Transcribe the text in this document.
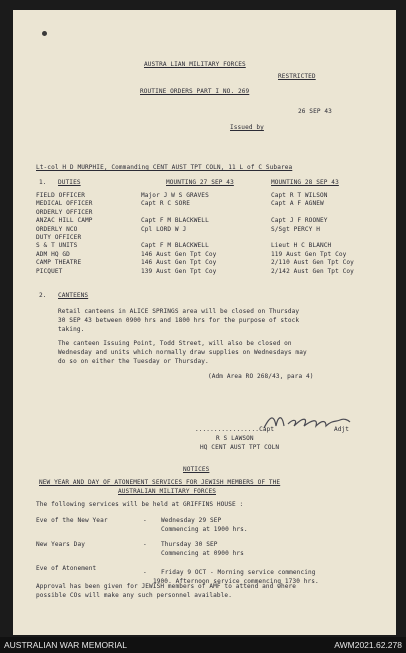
AUSTRA LIAN MILITARY FORCES
RESTRICTED
ROUTINE ORDERS PART I NO. 269
26 SEP 43
Issued by
Lt-col H D MURPHIE, Commanding CENT AUST TPT COLN, 11 L of C Subarea
1. DUTIES	MOUNTING 27 SEP 43	MOUNTING 28 SEP 43
FIELD OFFICER	Major J W S GRAVES	Capt R T WILSON
MEDICAL OFFICER	Capt R C SORE	Capt A F AGNEW
ORDERLY OFFICER
ANZAC HILL CAMP	Capt F M BLACKWELL	Capt J F ROONEY
ORDERLY NCO	Cpl LORD W J	S/Sgt PERCY H
DUTY OFFICER
S & T UNITS	Capt F M BLACKWELL	Lieut H C BLANCH
ADM HQ GD	146 Aust Gen Tpt Coy	119 Aust Gen Tpt Coy
CAMP THEATRE	146 Aust Gen Tpt Coy	2/110 Aust Gen Tpt Coy
PICQUET	139 Aust Gen Tpt Coy	2/142 Aust Gen Tpt Coy
2. CANTEENS
Retail canteens in ALICE SPRINGS area will be closed on Thursday
30 SEP 43 between 0900 hrs and 1800 hrs for the purpose of stock
taking.
The canteen Issuing Point, Todd Street, will also be closed on
Wednesday and units which normally draw supplies on Wednesdays may
do so on either the Tuesday or Thursday.
(Adm Area RO 268/43, para 4)
.................Capt	Adjt
R S LAWSON
HQ CENT AUST TPT COLN
NOTICES
NEW YEAR AND DAY OF ATONEMENT SERVICES FOR JEWISH MEMBERS OF THE
AUSTRALIAN MILITARY FORCES
The following services will be held at GRIFFINS HOUSE :
Eve of the New Year	- Wednesday 29 SEP
Commencing at 1900 hrs.
New Years Day	- Thursday 30 SEP
Commencing at 0900 hrs
Eve of Atonement
- Friday 9 OCT - Morning service commencing
1900. Afternoon service commencing 1730 hrs.
Approval has been given for JEWISH members of AMF to attend and where
possible COs will make any such personnel available.
AUSTRALIAN WAR MEMORIAL	AWM2021.62.278
